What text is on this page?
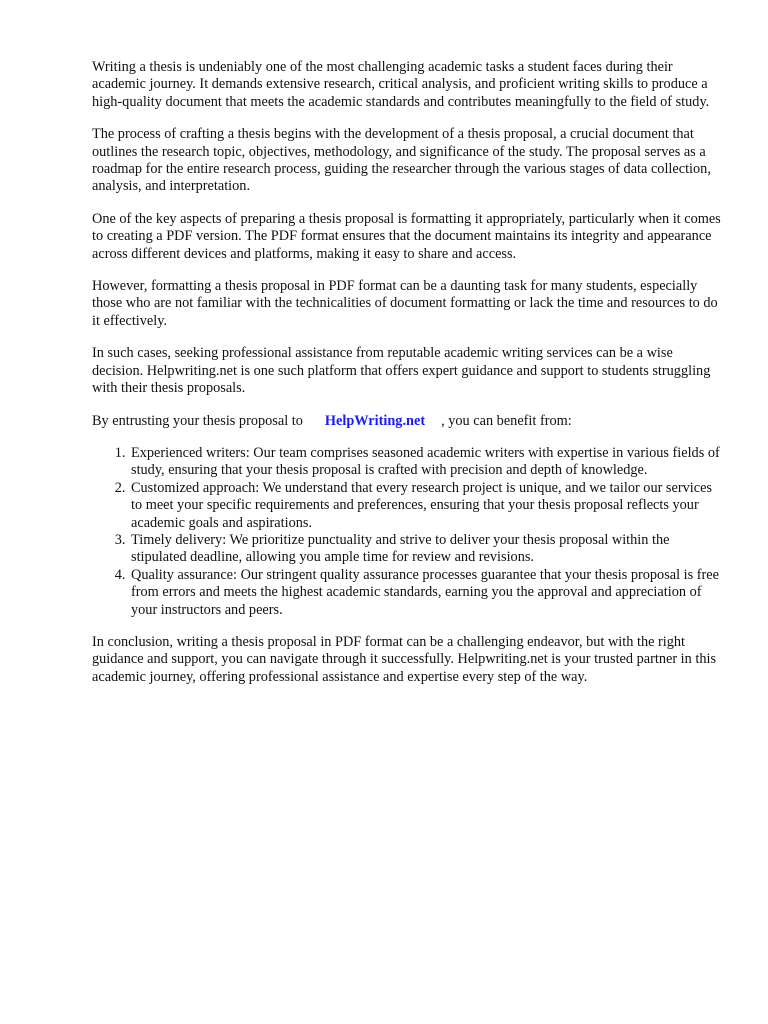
Writing a thesis is undeniably one of the most challenging academic tasks a student faces during their academic journey. It demands extensive research, critical analysis, and proficient writing skills to produce a high-quality document that meets the academic standards and contributes meaningfully to the field of study.

The process of crafting a thesis begins with the development of a thesis proposal, a crucial document that outlines the research topic, objectives, methodology, and significance of the study. The proposal serves as a roadmap for the entire research process, guiding the researcher through the various stages of data collection, analysis, and interpretation.

One of the key aspects of preparing a thesis proposal is formatting it appropriately, particularly when it comes to creating a PDF version. The PDF format ensures that the document maintains its integrity and appearance across different devices and platforms, making it easy to share and access.

However, formatting a thesis proposal in PDF format can be a daunting task for many students, especially those who are not familiar with the technicalities of document formatting or lack the time and resources to do it effectively.

In such cases, seeking professional assistance from reputable academic writing services can be a wise decision. Helpwriting.net is one such platform that offers expert guidance and support to students struggling with their thesis proposals.

By entrusting your thesis proposal to HelpWriting.net , you can benefit from:

1. Experienced writers: Our team comprises seasoned academic writers with expertise in various fields of study, ensuring that your thesis proposal is crafted with precision and depth of knowledge.
2. Customized approach: We understand that every research project is unique, and we tailor our services to meet your specific requirements and preferences, ensuring that your thesis proposal reflects your academic goals and aspirations.
3. Timely delivery: We prioritize punctuality and strive to deliver your thesis proposal within the stipulated deadline, allowing you ample time for review and revisions.
4. Quality assurance: Our stringent quality assurance processes guarantee that your thesis proposal is free from errors and meets the highest academic standards, earning you the approval and appreciation of your instructors and peers.

In conclusion, writing a thesis proposal in PDF format can be a challenging endeavor, but with the right guidance and support, you can navigate through it successfully. Helpwriting.net is your trusted partner in this academic journey, offering professional assistance and expertise every step of the way.
